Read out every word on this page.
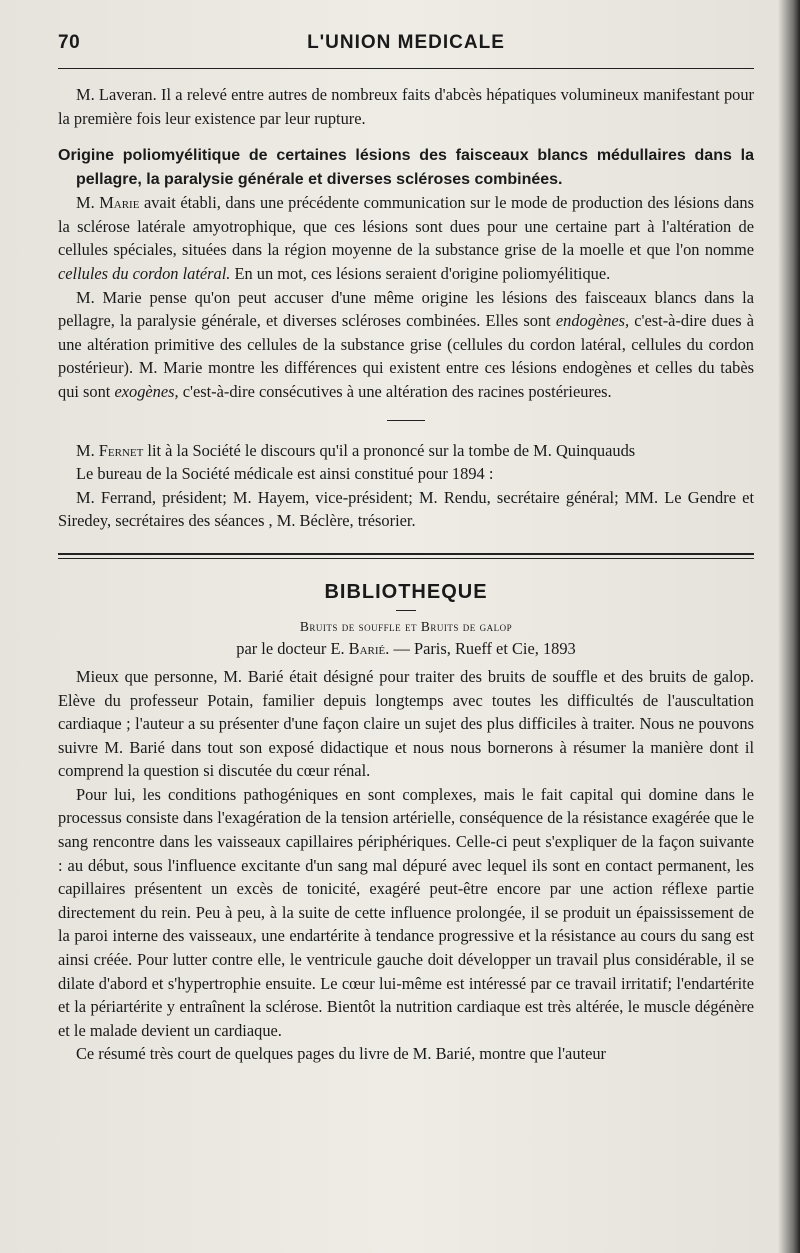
70	L'UNION MEDICALE

M. Laveran. Il a relevé entre autres de nombreux faits d'abcès hépatiques volumineux manifestant pour la première fois leur existence par leur rupture.

Origine poliomyélitique de certaines lésions des faisceaux blancs médullaires dans la pellagre, la paralysie générale et diverses scléroses combinées.

M. Marie avait établi, dans une précédente communication sur le mode de production des lésions dans la sclérose latérale amyotrophique, que ces lésions sont dues pour une certaine part à l'altération de cellules spéciales, situées dans la région moyenne de la substance grise de la moelle et que l'on nomme cellules du cordon latéral. En un mot, ces lésions seraient d'origine poliomyélitique.

M. Marie pense qu'on peut accuser d'une même origine les lésions des faisceaux blancs dans la pellagre, la paralysie générale, et diverses scléroses combinées. Elles sont endogènes, c'est-à-dire dues à une altération primitive des cellules de la substance grise (cellules du cordon latéral, cellules du cordon postérieur). M. Marie montre les différences qui existent entre ces lésions endogènes et celles du tabès qui sont exogènes, c'est-à-dire consécutives à une altération des racines postérieures.

M. Fernet lit à la Société le discours qu'il a prononcé sur la tombe de M. Quinquauds

Le bureau de la Société médicale est ainsi constitué pour 1894 :

M. Ferrand, président; M. Hayem, vice-président; M. Rendu, secrétaire général; MM. Le Gendre et Siredey, secrétaires des séances , M. Béclère, trésorier.

BIBLIOTHEQUE
Bruits de souffle et Bruits de galop
par le docteur E. Barié. — Paris, Rueff et Cie, 1893

Mieux que personne, M. Barié était désigné pour traiter des bruits de souffle et des bruits de galop. Elève du professeur Potain, familier depuis longtemps avec toutes les difficultés de l'auscultation cardiaque ; l'auteur a su présenter d'une façon claire un sujet des plus difficiles à traiter. Nous ne pouvons suivre M. Barié dans tout son exposé didactique et nous nous bornerons à résumer la manière dont il comprend la question si discutée du cœur rénal.

Pour lui, les conditions pathogéniques en sont complexes, mais le fait capital qui domine dans le processus consiste dans l'exagération de la tension artérielle, conséquence de la résistance exagérée que le sang rencontre dans les vaisseaux capillaires périphériques. Celle-ci peut s'expliquer de la façon suivante : au début, sous l'influence excitante d'un sang mal dépuré avec lequel ils sont en contact permanent, les capillaires présentent un excès de tonicité, exagéré peut-être encore par une action réflexe partie directement du rein. Peu à peu, à la suite de cette influence prolongée, il se produit un épaississement de la paroi interne des vaisseaux, une endartérite à tendance progressive et la résistance au cours du sang est ainsi créée. Pour lutter contre elle, le ventricule gauche doit développer un travail plus considérable, il se dilate d'abord et s'hypertrophie ensuite. Le cœur lui-même est intéressé par ce travail irritatif; l'endartérite et la périartérite y entraînent la sclérose. Bientôt la nutrition cardiaque est très altérée, le muscle dégénère et le malade devient un cardiaque.

Ce résumé très court de quelques pages du livre de M. Barié, montre que l'auteur
